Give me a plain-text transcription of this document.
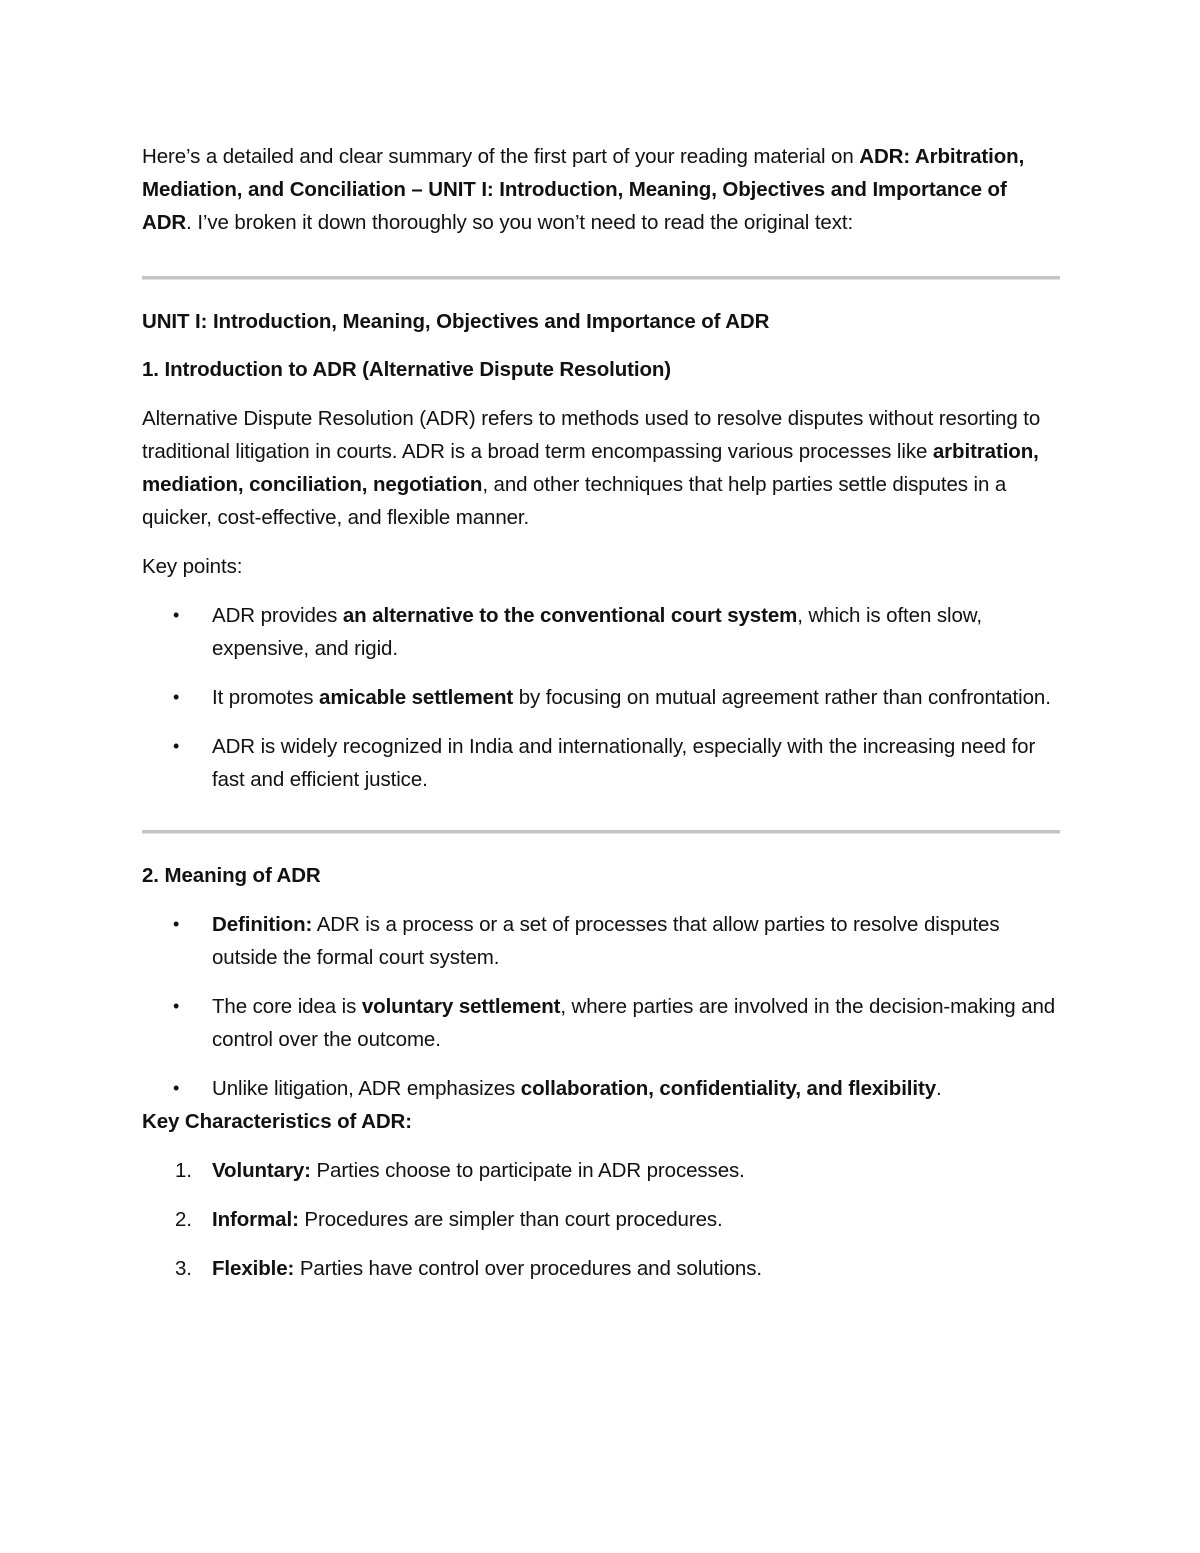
Here’s a detailed and clear summary of the first part of your reading material on ADR: Arbitration, Mediation, and Conciliation – UNIT I: Introduction, Meaning, Objectives and Importance of ADR. I’ve broken it down thoroughly so you won’t need to read the original text:

UNIT I: Introduction, Meaning, Objectives and Importance of ADR

1. Introduction to ADR (Alternative Dispute Resolution)

Alternative Dispute Resolution (ADR) refers to methods used to resolve disputes without resorting to traditional litigation in courts. ADR is a broad term encompassing various processes like arbitration, mediation, conciliation, negotiation, and other techniques that help parties settle disputes in a quicker, cost-effective, and flexible manner.

Key points:

• ADR provides an alternative to the conventional court system, which is often slow, expensive, and rigid.
• It promotes amicable settlement by focusing on mutual agreement rather than confrontation.
• ADR is widely recognized in India and internationally, especially with the increasing need for fast and efficient justice.

2. Meaning of ADR

• Definition: ADR is a process or a set of processes that allow parties to resolve disputes outside the formal court system.
• The core idea is voluntary settlement, where parties are involved in the decision-making and control over the outcome.
• Unlike litigation, ADR emphasizes collaboration, confidentiality, and flexibility.

Key Characteristics of ADR:

1. Voluntary: Parties choose to participate in ADR processes.
2. Informal: Procedures are simpler than court procedures.
3. Flexible: Parties have control over procedures and solutions.
